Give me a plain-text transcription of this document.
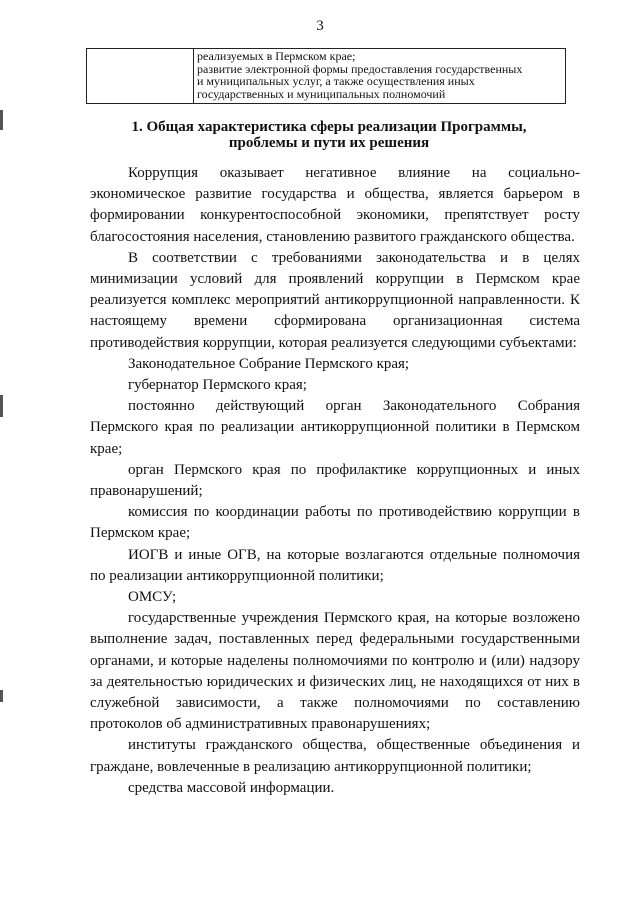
3
реализуемых в Пермском крае;
развитие электронной формы предоставления государственных
и муниципальных услуг, а также осуществления иных
государственных и муниципальных полномочий
1. Общая характеристика сферы реализации Программы,
проблемы и пути их решения

Коррупция оказывает негативное влияние на социально-экономическое развитие государства и общества, является барьером в формировании конкурентоспособной экономики, препятствует росту благосостояния населения, становлению развитого гражданского общества.

В соответствии с требованиями законодательства и в целях минимизации условий для проявлений коррупции в Пермском крае реализуется комплекс мероприятий антикоррупционной направленности. К настоящему времени сформирована организационная система противодействия коррупции, которая реализуется следующими субъектами:

Законодательное Собрание Пермского края;

губернатор Пермского края;

постоянно действующий орган Законодательного Собрания Пермского края по реализации антикоррупционной политики в Пермском крае;

орган Пермского края по профилактике коррупционных и иных правонарушений;

комиссия по координации работы по противодействию коррупции в Пермском крае;

ИОГВ и иные ОГВ, на которые возлагаются отдельные полномочия по реализации антикоррупционной политики;

ОМСУ;

государственные учреждения Пермского края, на которые возложено выполнение задач, поставленных перед федеральными государственными органами, и которые наделены полномочиями по контролю и (или) надзору за деятельностью юридических и физических лиц, не находящихся от них в служебной зависимости, а также полномочиями по составлению протоколов об административных правонарушениях;

институты гражданского общества, общественные объединения и граждане, вовлеченные в реализацию антикоррупционной политики;

средства массовой информации.
